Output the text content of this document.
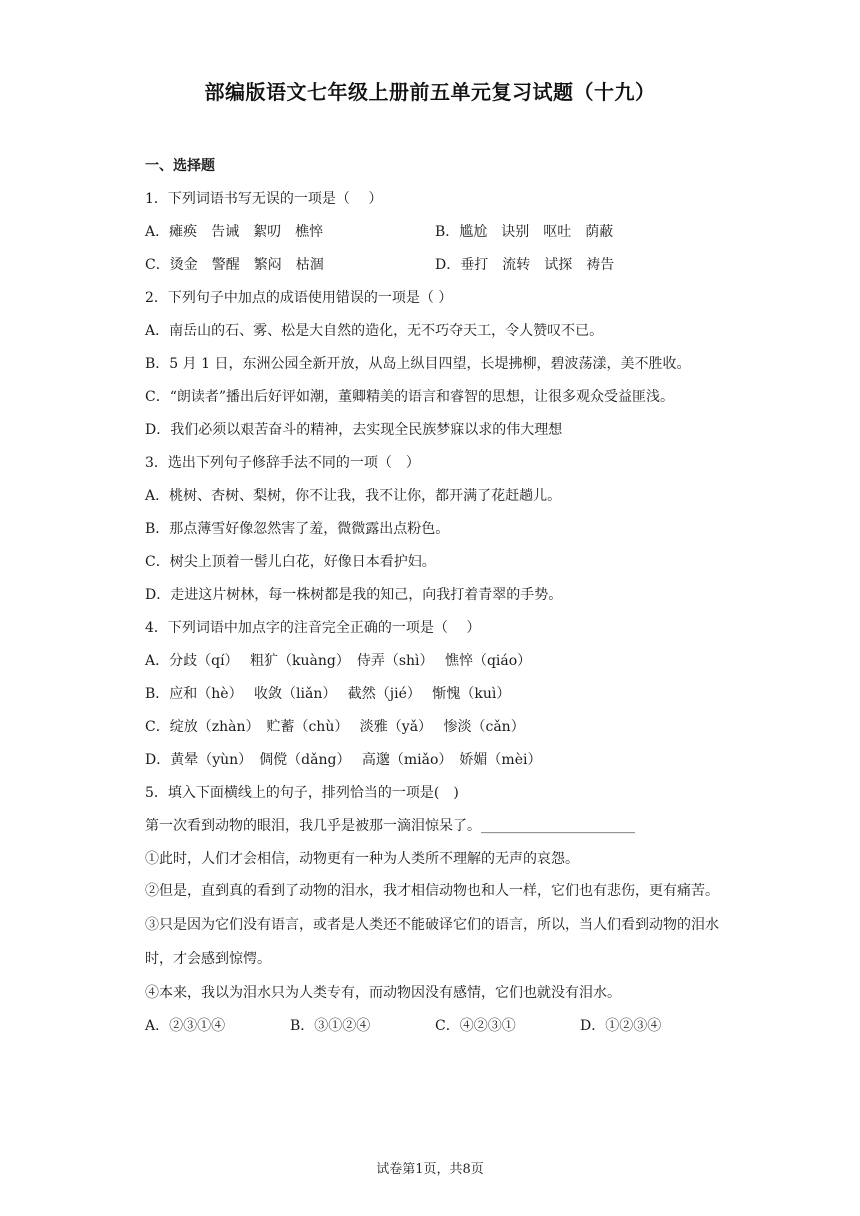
部编版语文七年级上册前五单元复习试题（十九）
一、选择题
1．下列词语书写无误的一项是（　 ）
A．瘫痪　告诫　絮叨　樵悴	B．尴尬　诀别　呕吐　荫蔽
C．烫金　警醒　繁闷　枯涸	D．垂打　流转　试探　祷告
2．下列句子中加点的成语使用错误的一项是（ ）
A．南岳山的石、雾、松是大自然的造化，无不巧夺天工，令人赞叹不已。
B．5 月 1 日，东洲公园全新开放，从岛上纵目四望，长堤拂柳，碧波荡漾，美不胜收。
C．“朗读者”播出后好评如潮，董卿精美的语言和睿智的思想，让很多观众受益匪浅。
D．我们必须以艰苦奋斗的精神，去实现全民族梦寐以求的伟大理想
3．选出下列句子修辞手法不同的一项（　）
A．桃树、杏树、梨树，你不让我，我不让你，都开满了花赶趟儿。
B．那点薄雪好像忽然害了羞，微微露出点粉色。
C．树尖上顶着一髻儿白花，好像日本看护妇。
D．走进这片树林，每一株树都是我的知己，向我打着青翠的手势。
4．下列词语中加点字的注音完全正确的一项是（　 ）
A．分歧（qí）　 粗犷（kuàng）　侍弄（shì）　 憔悴（qiáo）
B．应和（hè）　 收敛（liǎn）　 截然（jié）　 惭愧（kuì）
C．绽放（zhàn）　贮蓄（chù）　 淡雅（yǎ）　 惨淡（cǎn）
D．黄晕（yùn）　倜傥（dǎng）　 高邈（miǎo）　娇媚（mèi）
5．填入下面横线上的句子，排列恰当的一项是(　)
第一次看到动物的眼泪，我几乎是被那一滴泪惊呆了。______________________
①此时，人们才会相信，动物更有一种为人类所不理解的无声的哀怨。
②但是，直到真的看到了动物的泪水，我才相信动物也和人一样，它们也有悲伤，更有痛苦。
③只是因为它们没有语言，或者是人类还不能破译它们的语言，所以，当人们看到动物的泪水时，才会感到惊愕。
④本来，我以为泪水只为人类专有，而动物因没有感情，它们也就没有泪水。
A．②③①④	B．③①②④	C．④②③①	D．①②③④
试卷第1页，共8页
